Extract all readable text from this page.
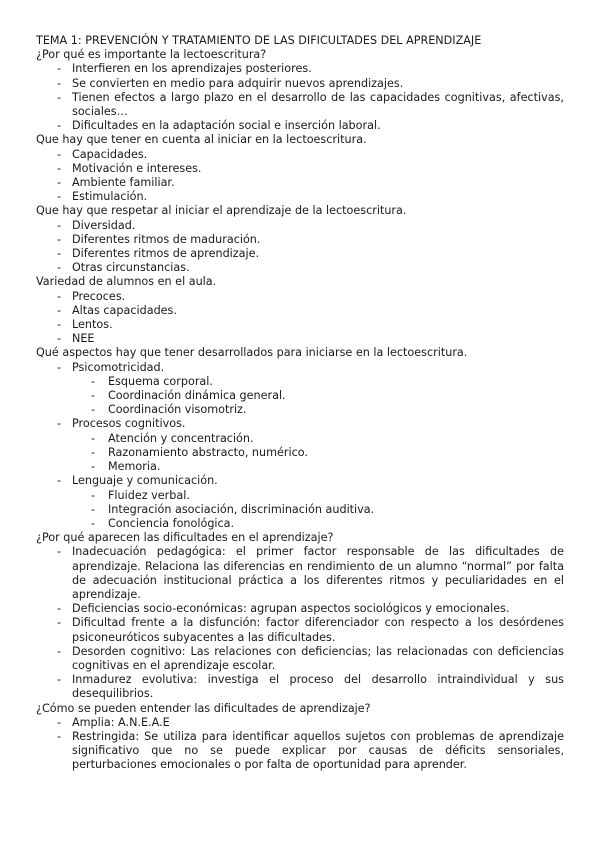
TEMA 1: PREVENCIÓN Y TRATAMIENTO DE LAS DIFICULTADES DEL APRENDIZAJE

¿Por qué es importante la lectoescritura?

- Interfieren en los aprendizajes posteriores.
- Se convierten en medio para adquirir nuevos aprendizajes.
- Tienen efectos a largo plazo en el desarrollo de las capacidades cognitivas, afectivas, sociales…
- Dificultades en la adaptación social e inserción laboral.

Que hay que tener en cuenta al iniciar en la lectoescritura.

- Capacidades.
- Motivación e intereses.
- Ambiente familiar.
- Estimulación.

Que hay que respetar al iniciar el aprendizaje de la lectoescritura.

- Diversidad.
- Diferentes ritmos de maduración.
- Diferentes ritmos de aprendizaje.
- Otras circunstancias.

Variedad de alumnos en el aula.

- Precoces.
- Altas capacidades.
- Lentos.
- NEE

Qué aspectos hay que tener desarrollados para iniciarse en la lectoescritura.

- Psicomotricidad.
- Esquema corporal.
- Coordinación dinámica general.
- Coordinación visomotriz.
- Procesos cognitivos.
- Atención y concentración.
- Razonamiento abstracto, numérico.
- Memoria.
- Lenguaje y comunicación.
- Fluidez verbal.
- Integración asociación, discriminación auditiva.
- Conciencia fonológica.

¿Por qué aparecen las dificultades en el aprendizaje?

- Inadecuación pedagógica: el primer factor responsable de las dificultades de aprendizaje. Relaciona las diferencias en rendimiento de un alumno “normal” por falta de adecuación institucional práctica a los diferentes ritmos y peculiaridades en el aprendizaje.
- Deficiencias socio-económicas: agrupan aspectos sociológicos y emocionales.
- Dificultad frente a la disfunción: factor diferenciador con respecto a los desórdenes psiconeuróticos subyacentes a las dificultades.
- Desorden cognitivo: Las relaciones con deficiencias; las relacionadas con deficiencias cognitivas en el aprendizaje escolar.
- Inmadurez evolutiva: investiga el proceso del desarrollo intraindividual y sus desequilibrios.

¿Cómo se pueden entender las dificultades de aprendizaje?

- Amplia: A.N.E.A.E
- Restringida: Se utiliza para identificar aquellos sujetos con problemas de aprendizaje significativo que no se puede explicar por causas de déficits sensoriales, perturbaciones emocionales o por falta de oportunidad para aprender.
